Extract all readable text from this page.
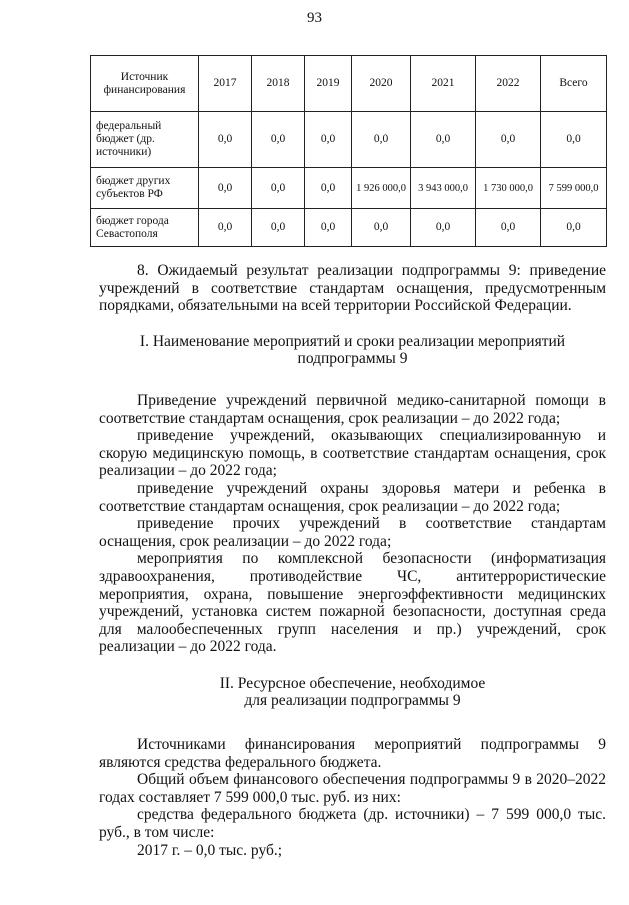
93
Источник финансирования	2017	2018	2019	2020	2021	2022	Всего
федеральный бюджет (др. источники)	0,0	0,0	0,0	0,0	0,0	0,0	0,0
бюджет других субъектов РФ	0,0	0,0	0,0	1 926 000,0	3 943 000,0	1 730 000,0	7 599 000,0
бюджет города Севастополя	0,0	0,0	0,0	0,0	0,0	0,0	0,0

8. Ожидаемый результат реализации подпрограммы 9: приведение учреждений в соответствие стандартам оснащения, предусмотренным порядками, обязательными на всей территории Российской Федерации.

I. Наименование мероприятий и сроки реализации мероприятий подпрограммы 9

Приведение учреждений первичной медико-санитарной помощи в соответствие стандартам оснащения, срок реализации – до 2022 года;

приведение учреждений, оказывающих специализированную и скорую медицинскую помощь, в соответствие стандартам оснащения, срок реализации – до 2022 года;

приведение учреждений охраны здоровья матери и ребенка в соответствие стандартам оснащения, срок реализации – до 2022 года;

приведение прочих учреждений в соответствие стандартам оснащения, срок реализации – до 2022 года;

мероприятия по комплексной безопасности (информатизация здравоохранения, противодействие ЧС, антитеррористические мероприятия, охрана, повышение энергоэффективности медицинских учреждений, установка систем пожарной безопасности, доступная среда для малообеспеченных групп населения и пр.) учреждений, срок реализации – до 2022 года.

II. Ресурсное обеспечение, необходимое

для реализации подпрограммы 9

Источниками финансирования мероприятий подпрограммы 9 являются средства федерального бюджета.

Общий объем финансового обеспечения подпрограммы 9 в 2020–2022 годах составляет 7 599 000,0 тыс. руб. из них:

средства федерального бюджета (др. источники) – 7 599 000,0 тыс. руб., в том числе:

2017 г. – 0,0 тыс. руб.;
